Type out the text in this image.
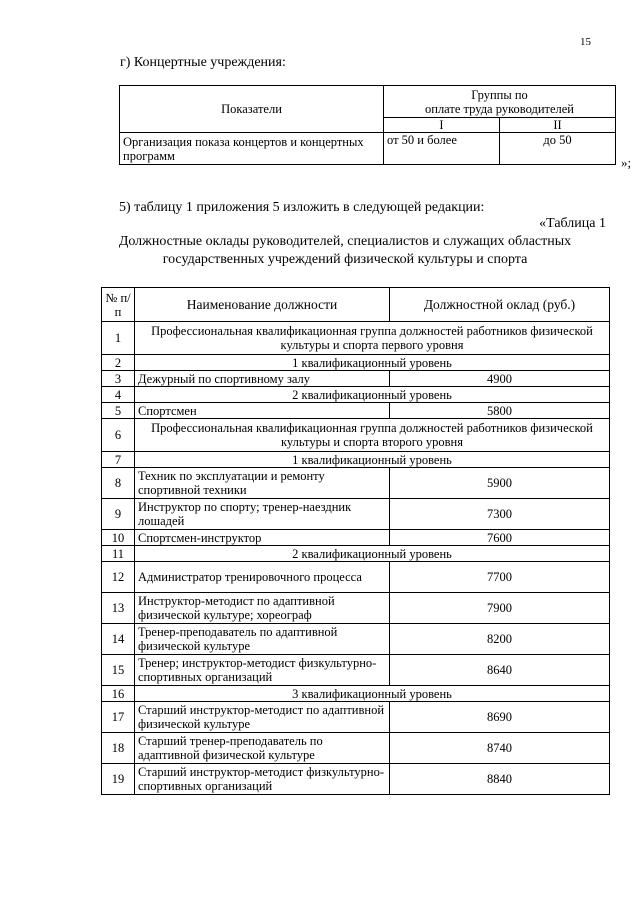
15
г) Концертные учреждения:
Показатели	Группы по
оплате труда руководителей	

	I	II
Организация показа концертов и концертных программ	от 50 и более	до 50
»;
5) таблицу 1 приложения 5 изложить в следующей редакции:
«Таблица 1
Должностные оклады руководителей, специалистов и служащих областных государственных учреждений физической культуры и спорта
№ п/п	Наименование должности	Должностной оклад (руб.)
1	Профессиональная квалификационная группа должностей работников физической культуры и спорта первого уровня	
2	1 квалификационный уровень	
3	Дежурный по спортивному залу	4900
4	2 квалификационный уровень	
5	Спортсмен	5800
6	Профессиональная квалификационная группа должностей работников физической культуры и спорта второго уровня	
7	1 квалификационный уровень	
8	Техник по эксплуатации и ремонту спортивной техники	5900
9	Инструктор по спорту; тренер-наездник лошадей	7300
10	Спортсмен-инструктор	7600
11	2 квалификационный уровень	
12	Администратор тренировочного процесса	7700
13	Инструктор-методист по адаптивной физической культуре; хореограф	7900
14	Тренер-преподаватель по адаптивной физической культуре	8200
15	Тренер; инструктор-методист физкультурно-спортивных организаций	8640
16	3 квалификационный уровень	
17	Старший инструктор-методист по адаптивной физической культуре	8690
18	Старший тренер-преподаватель по адаптивной физической культуре	8740
19	Старший инструктор-методист физкультурно-спортивных организаций	8840
